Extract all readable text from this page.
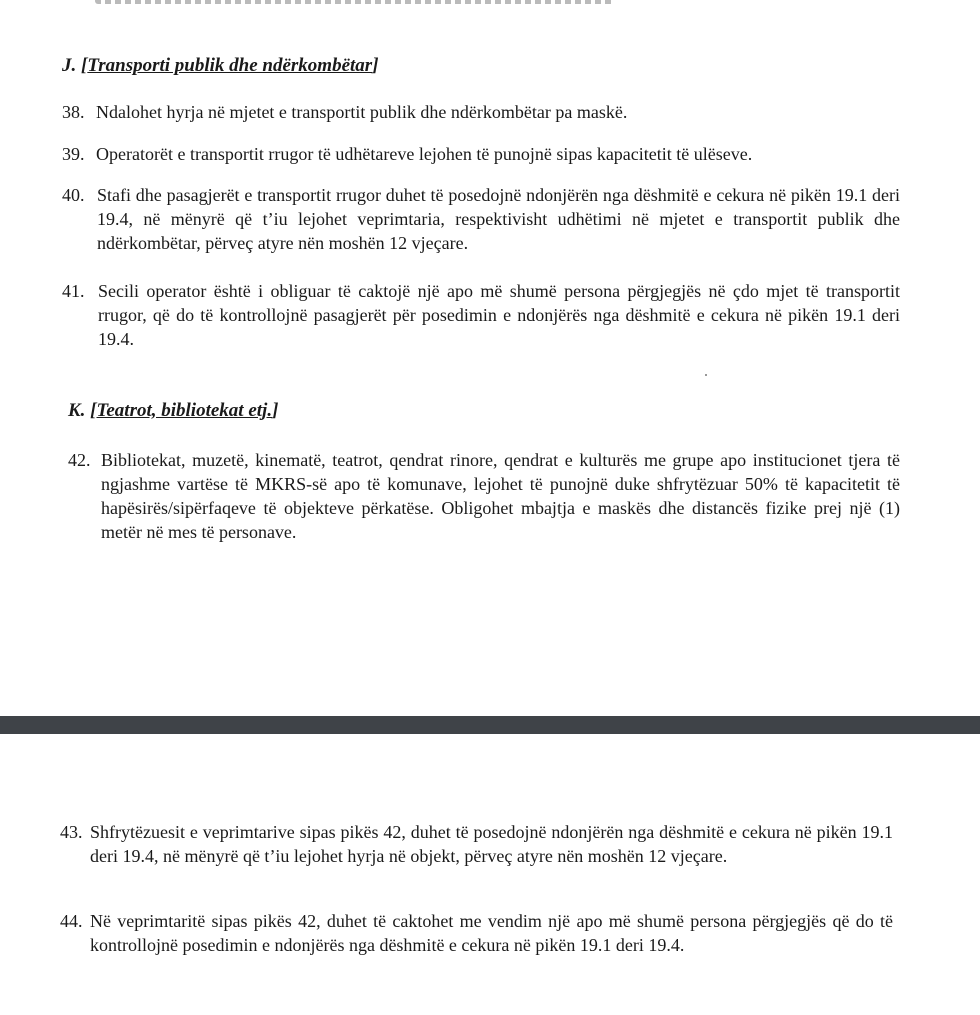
J. [Transporti publik dhe ndërkombëtar]
38. Ndalohet hyrja në mjetet e transportit publik dhe ndërkombëtar pa maskë.
39. Operatorët e transportit rrugor të udhëtareve lejohen të punojnë sipas kapacitetit të ulëseve.
40. Stafi dhe pasagjerët e transportit rrugor duhet të posedojnë ndonjërën nga dëshmitë e cekura në pikën 19.1 deri 19.4, në mënyrë që t’iu lejohet veprimtaria, respektivisht udhëtimi në mjetet e transportit publik dhe ndërkombëtar, përveç atyre nën moshën 12 vjeçare.
41. Secili operator është i obliguar të caktojë një apo më shumë persona përgjegjës në çdo mjet të transportit rrugor, që do të kontrollojnë pasagjerët për posedimin e ndonjërës nga dëshmitë e cekura në pikën 19.1 deri 19.4.
K. [Teatrot, bibliotekat etj.]
42. Bibliotekat, muzetë, kinematë, teatrot, qendrat rinore, qendrat e kulturës me grupe apo institucionet tjera të ngjashme vartëse të MKRS-së apo të komunave, lejohet të punojnë duke shfrytëzuar 50% të kapacitetit të hapësirës/sipërfaqeve të objekteve përkatëse. Obligohet mbajtja e maskës dhe distancës fizike prej një (1) metër në mes të personave.
43. Shfrytëzuesit e veprimtarive sipas pikës 42, duhet të posedojnë ndonjërën nga dëshmitë e cekura në pikën 19.1 deri 19.4, në mënyrë që t’iu lejohet hyrja në objekt, përveç atyre nën moshën 12 vjeçare.
44. Në veprimtaritë sipas pikës 42, duhet të caktohet me vendim një apo më shumë persona përgjegjës që do të kontrollojnë posedimin e ndonjërës nga dëshmitë e cekura në pikën 19.1 deri 19.4.
